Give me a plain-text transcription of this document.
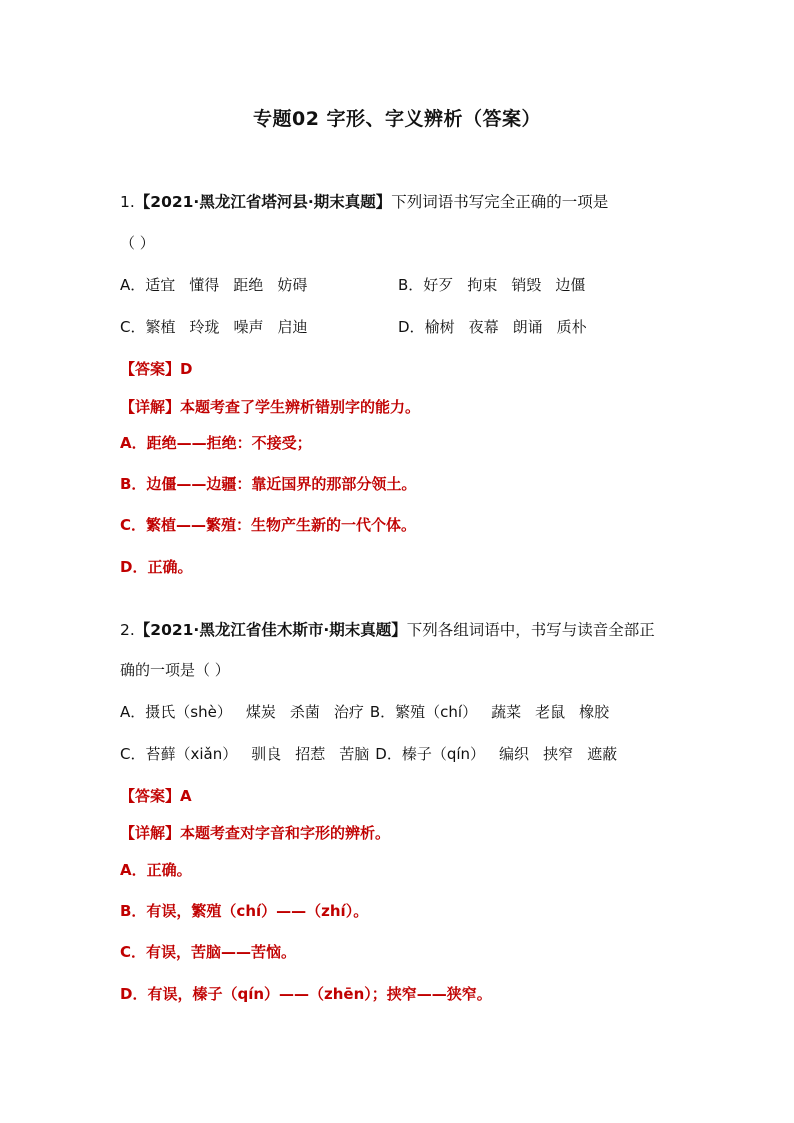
专题02 字形、字义辨析（答案）
1.【2021·黑龙江省塔河县·期末真题】下列词语书写完全正确的一项是
（ ）
A．适宜 懂得 距绝 妨碍	B．好歹 拘束 销毁 边僵
C．繁植 玲珑 噪声 启迪	D．榆树 夜幕 朗诵 质朴
【答案】D
【详解】本题考查了学生辨析错别字的能力。
A．距绝——拒绝：不接受；
B．边僵——边疆：靠近国界的那部分领土。
C．繁植——繁殖：生物产生新的一代个体。
D．正确。
2.【2021·黑龙江省佳木斯市·期末真题】下列各组词语中，书写与读音全部正
确的一项是（ ）
A．摄氏（shè） 煤炭 杀菌 治疗 B．繁殖（chí） 蔬菜 老鼠 橡胶
C．苔藓（xiǎn） 驯良 招惹 苦脑 D．榛子（qín） 编织 挟窄 遮蔽
【答案】A
【详解】本题考查对字音和字形的辨析。
A．正确。
B．有误，繁殖（chí）——（zhí）。
C．有误，苦脑——苦恼。
D．有误，榛子（qín）——（zhēn）；挟窄——狭窄。
